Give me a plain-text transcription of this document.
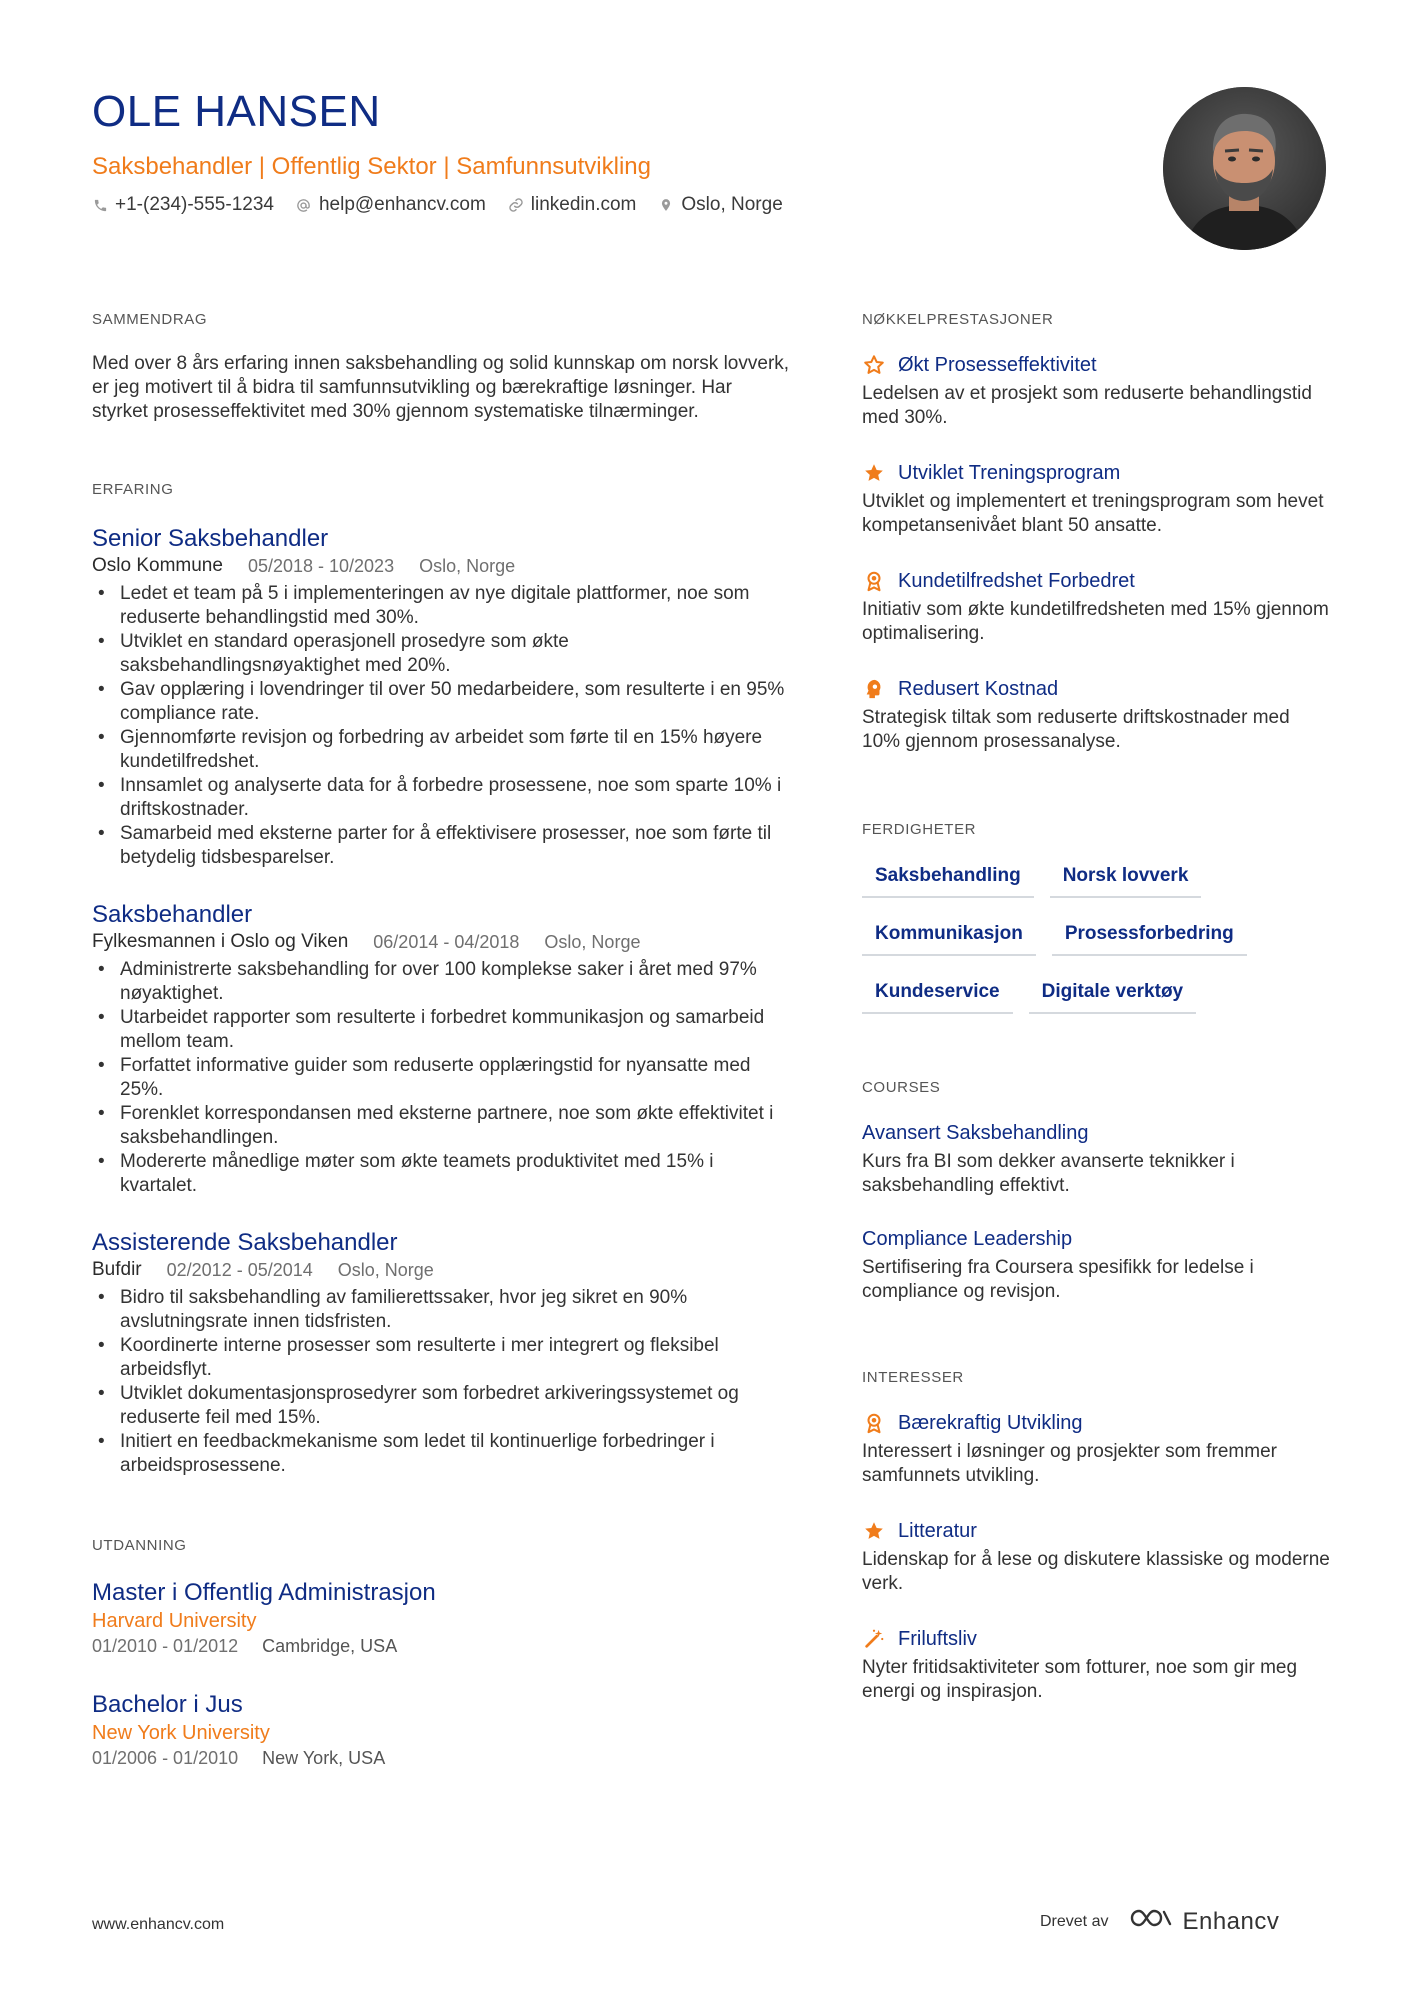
OLE HANSEN
Saksbehandler | Offentlig Sektor | Samfunnsutvikling
+1-(234)-555-1234 help@enhancv.com linkedin.com Oslo, Norge
SAMMENDRAG
Med over 8 års erfaring innen saksbehandling og solid kunnskap om norsk lovverk, er jeg motivert til å bidra til samfunnsutvikling og bærekraftige løsninger. Har styrket prosesseffektivitet med 30% gjennom systematiske tilnærminger.
ERFARING
Senior Saksbehandler
Oslo Kommune 05/2018 - 10/2023 Oslo, Norge
• Ledet et team på 5 i implementeringen av nye digitale plattformer, noe som reduserte behandlingstid med 30%.
• Utviklet en standard operasjonell prosedyre som økte saksbehandlingsnøyaktighet med 20%.
• Gav opplæring i lovendringer til over 50 medarbeidere, som resulterte i en 95% compliance rate.
• Gjennomførte revisjon og forbedring av arbeidet som førte til en 15% høyere kundetilfredshet.
• Innsamlet og analyserte data for å forbedre prosessene, noe som sparte 10% i driftskostnader.
• Samarbeid med eksterne parter for å effektivisere prosesser, noe som førte til betydelig tidsbesparelser.
Saksbehandler
Fylkesmannen i Oslo og Viken 06/2014 - 04/2018 Oslo, Norge
• Administrerte saksbehandling for over 100 komplekse saker i året med 97% nøyaktighet.
• Utarbeidet rapporter som resulterte i forbedret kommunikasjon og samarbeid mellom team.
• Forfattet informative guider som reduserte opplæringstid for nyansatte med 25%.
• Forenklet korrespondansen med eksterne partnere, noe som økte effektivitet i saksbehandlingen.
• Modererte månedlige møter som økte teamets produktivitet med 15% i kvartalet.
Assisterende Saksbehandler
Bufdir 02/2012 - 05/2014 Oslo, Norge
• Bidro til saksbehandling av familierettssaker, hvor jeg sikret en 90% avslutningsrate innen tidsfristen.
• Koordinerte interne prosesser som resulterte i mer integrert og fleksibel arbeidsflyt.
• Utviklet dokumentasjonsprosedyrer som forbedret arkiveringssystemet og reduserte feil med 15%.
• Initiert en feedbackmekanisme som ledet til kontinuerlige forbedringer i arbeidsprosessene.
UTDANNING
Master i Offentlig Administrasjon
Harvard University
01/2010 - 01/2012 Cambridge, USA
Bachelor i Jus
New York University
01/2006 - 01/2010 New York, USA
NØKKELPRESTASJONER
Økt Prosesseffektivitet
Ledelsen av et prosjekt som reduserte behandlingstid med 30%.
Utviklet Treningsprogram
Utviklet og implementert et treningsprogram som hevet kompetansenivået blant 50 ansatte.
Kundetilfredshet Forbedret
Initiativ som økte kundetilfredsheten med 15% gjennom optimalisering.
Redusert Kostnad
Strategisk tiltak som reduserte driftskostnader med 10% gjennom prosessanalyse.
FERDIGHETER
Saksbehandling	Norsk lovverk
Kommunikasjon	Prosessforbedring
Kundeservice	Digitale verktøy
COURSES
Avansert Saksbehandling
Kurs fra BI som dekker avanserte teknikker i saksbehandling effektivt.
Compliance Leadership
Sertifisering fra Coursera spesifikk for ledelse i compliance og revisjon.
INTERESSER
Bærekraftig Utvikling
Interessert i løsninger og prosjekter som fremmer samfunnets utvikling.
Litteratur
Lidenskap for å lese og diskutere klassiske og moderne verk.
Friluftsliv
Nyter fritidsaktiviteter som fotturer, noe som gir meg energi og inspirasjon.
www.enhancv.com	Drevet av	Enhancv
